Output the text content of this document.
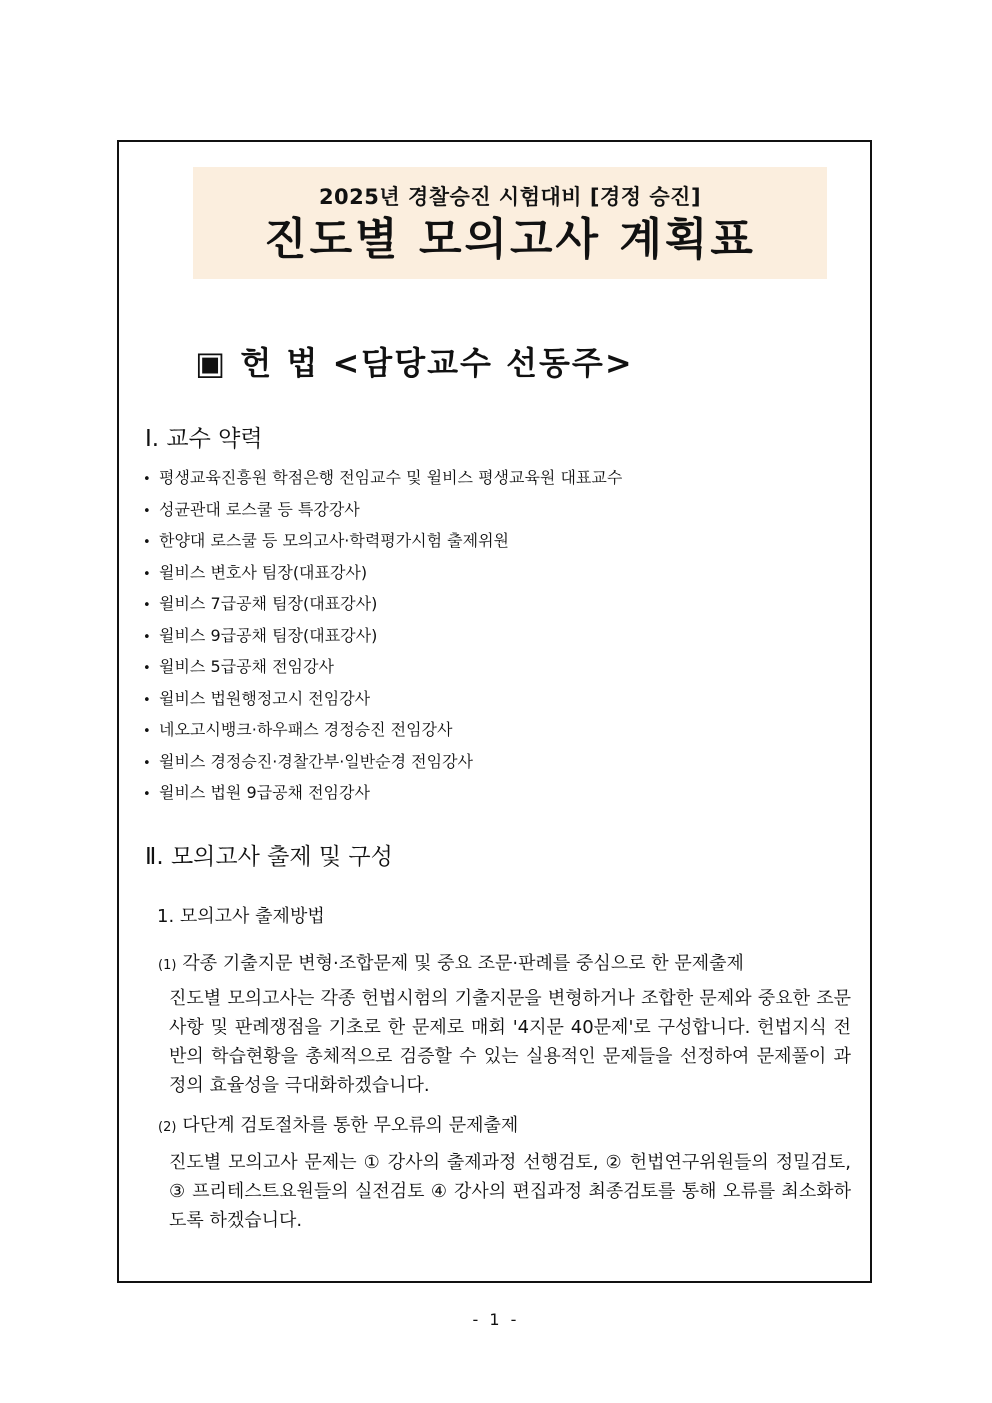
2025년 경찰승진 시험대비 [경정 승진]
진도별 모의고사 계획표
▣ 헌 법 <담당교수 선동주>
Ⅰ. 교수 약력
• 평생교육진흥원 학점은행 전임교수 및 윌비스 평생교육원 대표교수
• 성균관대 로스쿨 등 특강강사
• 한양대 로스쿨 등 모의고사·학력평가시험 출제위원
• 윌비스 변호사 팀장(대표강사)
• 윌비스 7급공채 팀장(대표강사)
• 윌비스 9급공채 팀장(대표강사)
• 윌비스 5급공채 전임강사
• 윌비스 법원행정고시 전임강사
• 네오고시뱅크·하우패스 경정승진 전임강사
• 윌비스 경정승진·경찰간부·일반순경 전임강사
• 윌비스 법원 9급공채 전임강사
Ⅱ. 모의고사 출제 및 구성
1. 모의고사 출제방법
(1) 각종 기출지문 변형·조합문제 및 중요 조문·판례를 중심으로 한 문제출제

진도별 모의고사는 각종 헌법시험의 기출지문을 변형하거나 조합한 문제와 중요한 조문사항 및 판례쟁점을 기초로 한 문제로 매회 '4지문 40문제'로 구성합니다. 헌법지식 전반의 학습현황을 총체적으로 검증할 수 있는 실용적인 문제들을 선정하여 문제풀이 과정의 효율성을 극대화하겠습니다.

(2) 다단계 검토절차를 통한 무오류의 문제출제

진도별 모의고사 문제는 ① 강사의 출제과정 선행검토, ② 헌법연구위원들의 정밀검토, ③ 프리테스트요원들의 실전검토 ④ 강사의 편집과정 최종검토를 통해 오류를 최소화하도록 하겠습니다.

- 1 -
